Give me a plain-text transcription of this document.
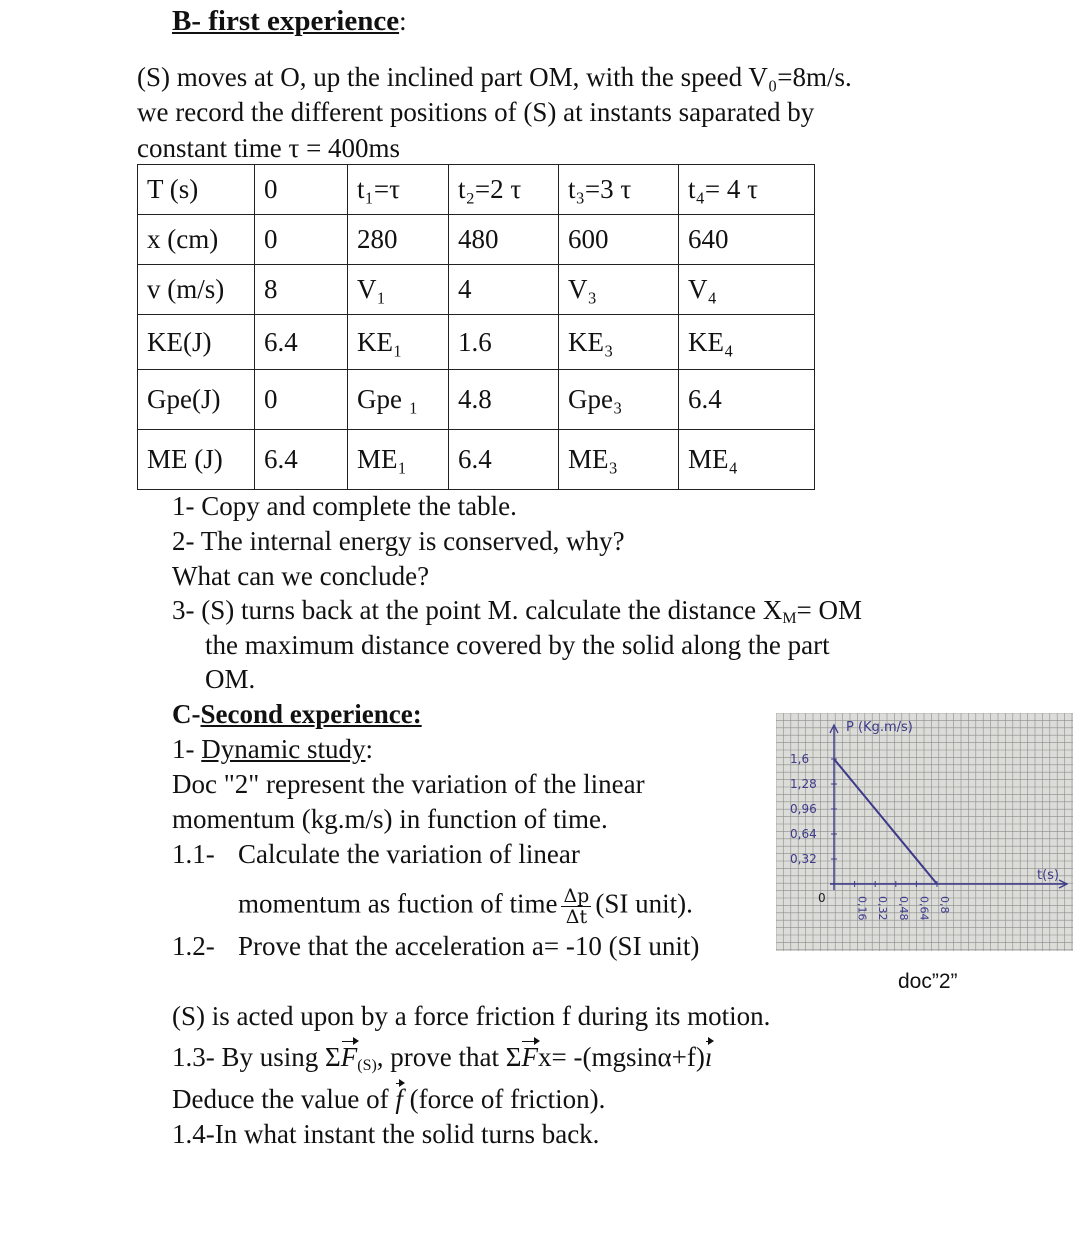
B- first experience:
(S) moves at O, up the inclined part OM, with the speed V₀=8m/s.
we record the different positions of (S) at instants saparated by
constant time τ = 400ms
T (s)	0	t₁=τ	t₂=2 τ	t₃=3 τ	t₄= 4 τ
x (cm)	0	280	480	600	640
v (m/s)	8	V₁	4	V₃	V₄
KE(J)	6.4	KE₁	1.6	KE₃	KE₄
Gpe(J)	0	Gpe ₁	4.8	Gpe₃	6.4
ME (J)	6.4	ME₁	6.4	ME₃	ME₄
1- Copy and complete the table.
2- The internal energy is conserved, why?
What can we conclude?
3- (S) turns back at the point M. calculate the distance $X_M=$ OM
the maximum distance covered by the solid along the part
OM.
C-Second experience:
1- Dynamic study:
Doc "2" represent the variation of the linear
momentum (kg.m/s) in function of time.
1.1- Calculate the variation of linear
momentum as fuction of time $\frac{\Delta p}{\Delta t} (SI$ unit).
1.2- Prove that the acceleration a= -10 (SI unit)
(S) is acted upon by a force friction f during its motion.
1.3- By using $\Sigma F_{(S)}$, prove that ΣFx= -(mgsinα+f)ı
Deduce the value of f (force of friction).
1.4-In what instant the solid turns back.
P (Kg.m/s)
t(s)
0
1,6
1,28
0,96
0,64
0,32
0,16 0,32 0,48 0,64 0,8
doc”2”
